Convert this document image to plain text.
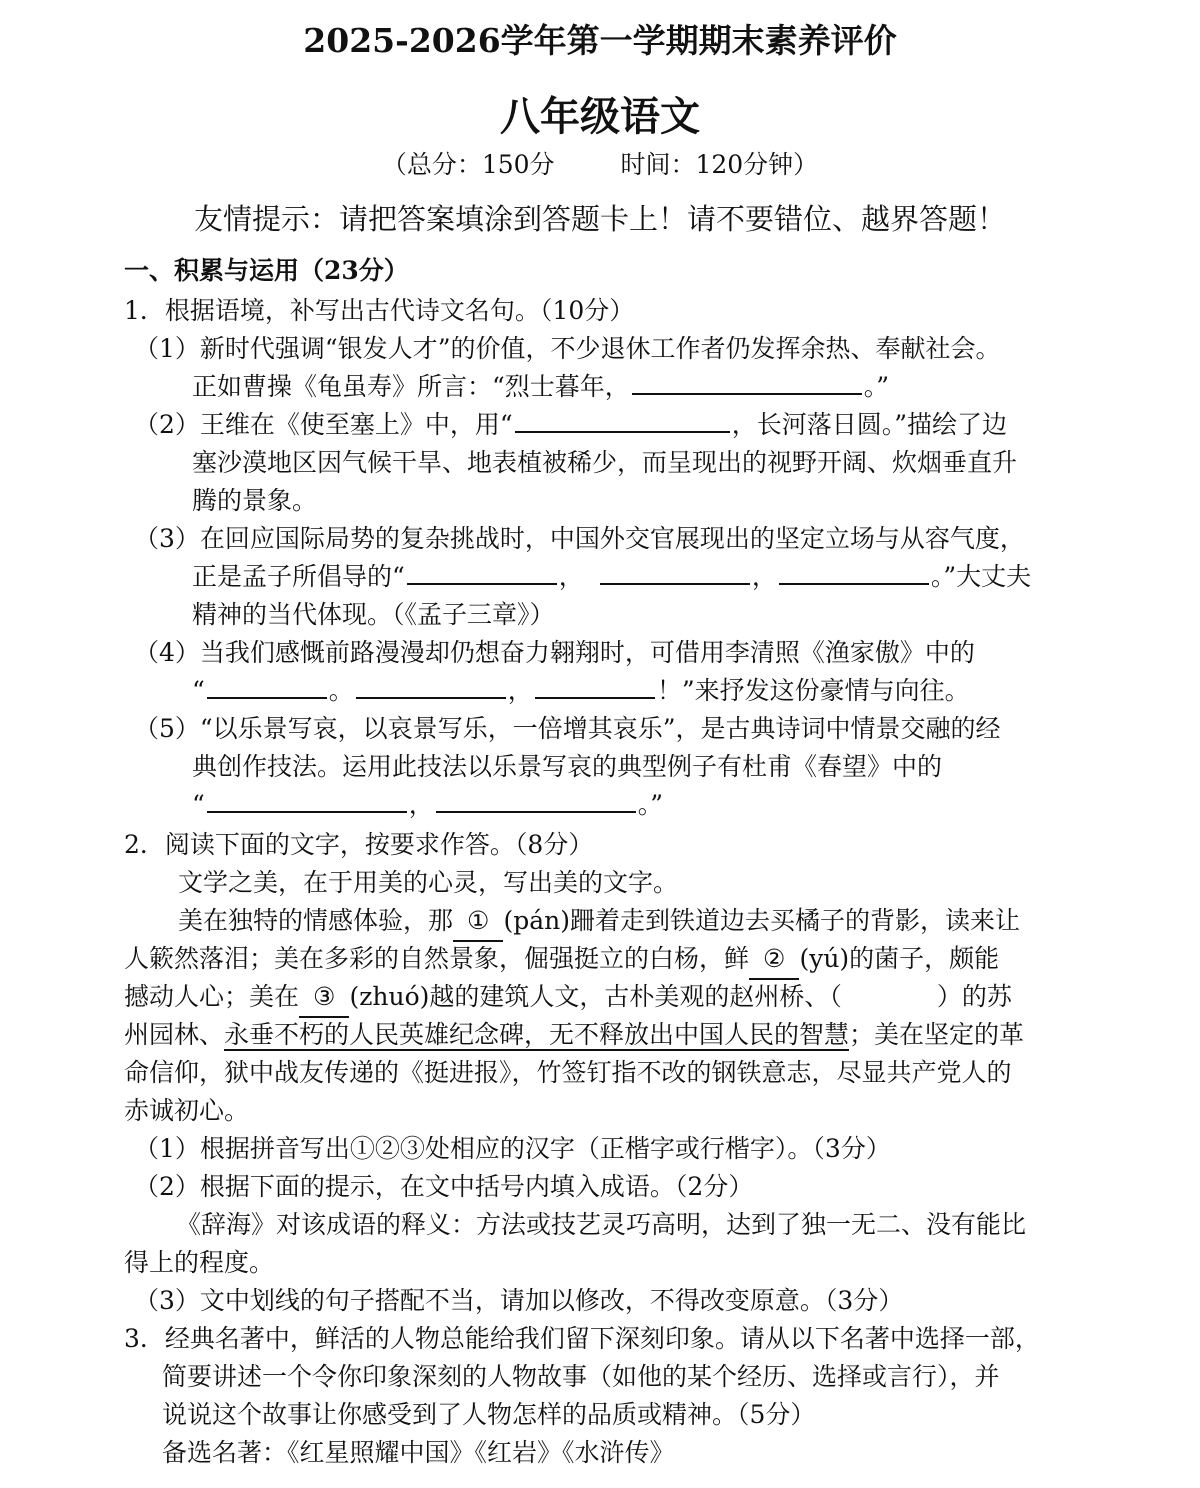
2025-2026学年第一学期期末素养评价
八年级语文
（总分：150分	时间：120分钟）
友情提示：请把答案填涂到答题卡上！请不要错位、越界答题！
一、积累与运用（23分）
1．根据语境，补写出古代诗文名句。（10分）
（1）新时代强调“银发人才”的价值，不少退休工作者仍发挥余热、奉献社会。
正如曹操《龟虽寿》所言：“烈士暮年，	。”
（2）王维在《使至塞上》中，用“	，长河落日圆。”描绘了边
塞沙漠地区因气候干旱、地表植被稀少，而呈现出的视野开阔、炊烟垂直升
腾的景象。
（3）在回应国际局势的复杂挑战时，中国外交官展现出的坚定立场与从容气度，
正是孟子所倡导的“	，	，	。”大丈夫
精神的当代体现。（《孟子三章》）
（4）当我们感慨前路漫漫却仍想奋力翱翔时，可借用李清照《渔家傲》中的
“	。	，	！”来抒发这份豪情与向往。
（5）“以乐景写哀，以哀景写乐，一倍增其哀乐”，是古典诗词中情景交融的经
典创作技法。运用此技法以乐景写哀的典型例子有杜甫《春望》中的
“	，	。”
2．阅读下面的文字，按要求作答。（8分）
文学之美，在于用美的心灵，写出美的文字。
美在独特的情感体验，那 ① (pán)跚着走到铁道边去买橘子的背影，读来让
人簌然落泪；美在多彩的自然景象，倔强挺立的白杨，鲜 ② (yú)的菌子，颇能
撼动人心；美在 ③ (zhuó)越的建筑人文，古朴美观的赵州桥、（	）的苏
州园林、永垂不朽的人民英雄纪念碑，无不释放出中国人民的智慧；美在坚定的革
命信仰，狱中战友传递的《挺进报》，竹签钉指不改的钢铁意志，尽显共产党人的
赤诚初心。
（1）根据拼音写出①②③处相应的汉字（正楷字或行楷字）。（3分）
（2）根据下面的提示，在文中括号内填入成语。（2分）
《辞海》对该成语的释义：方法或技艺灵巧高明，达到了独一无二、没有能比
得上的程度。
（3）文中划线的句子搭配不当，请加以修改，不得改变原意。（3分）
3．经典名著中，鲜活的人物总能给我们留下深刻印象。请从以下名著中选择一部，
简要讲述一个令你印象深刻的人物故事（如他的某个经历、选择或言行），并
说说这个故事让你感受到了人物怎样的品质或精神。（5分）
备选名著：《红星照耀中国》《红岩》《水浒传》
